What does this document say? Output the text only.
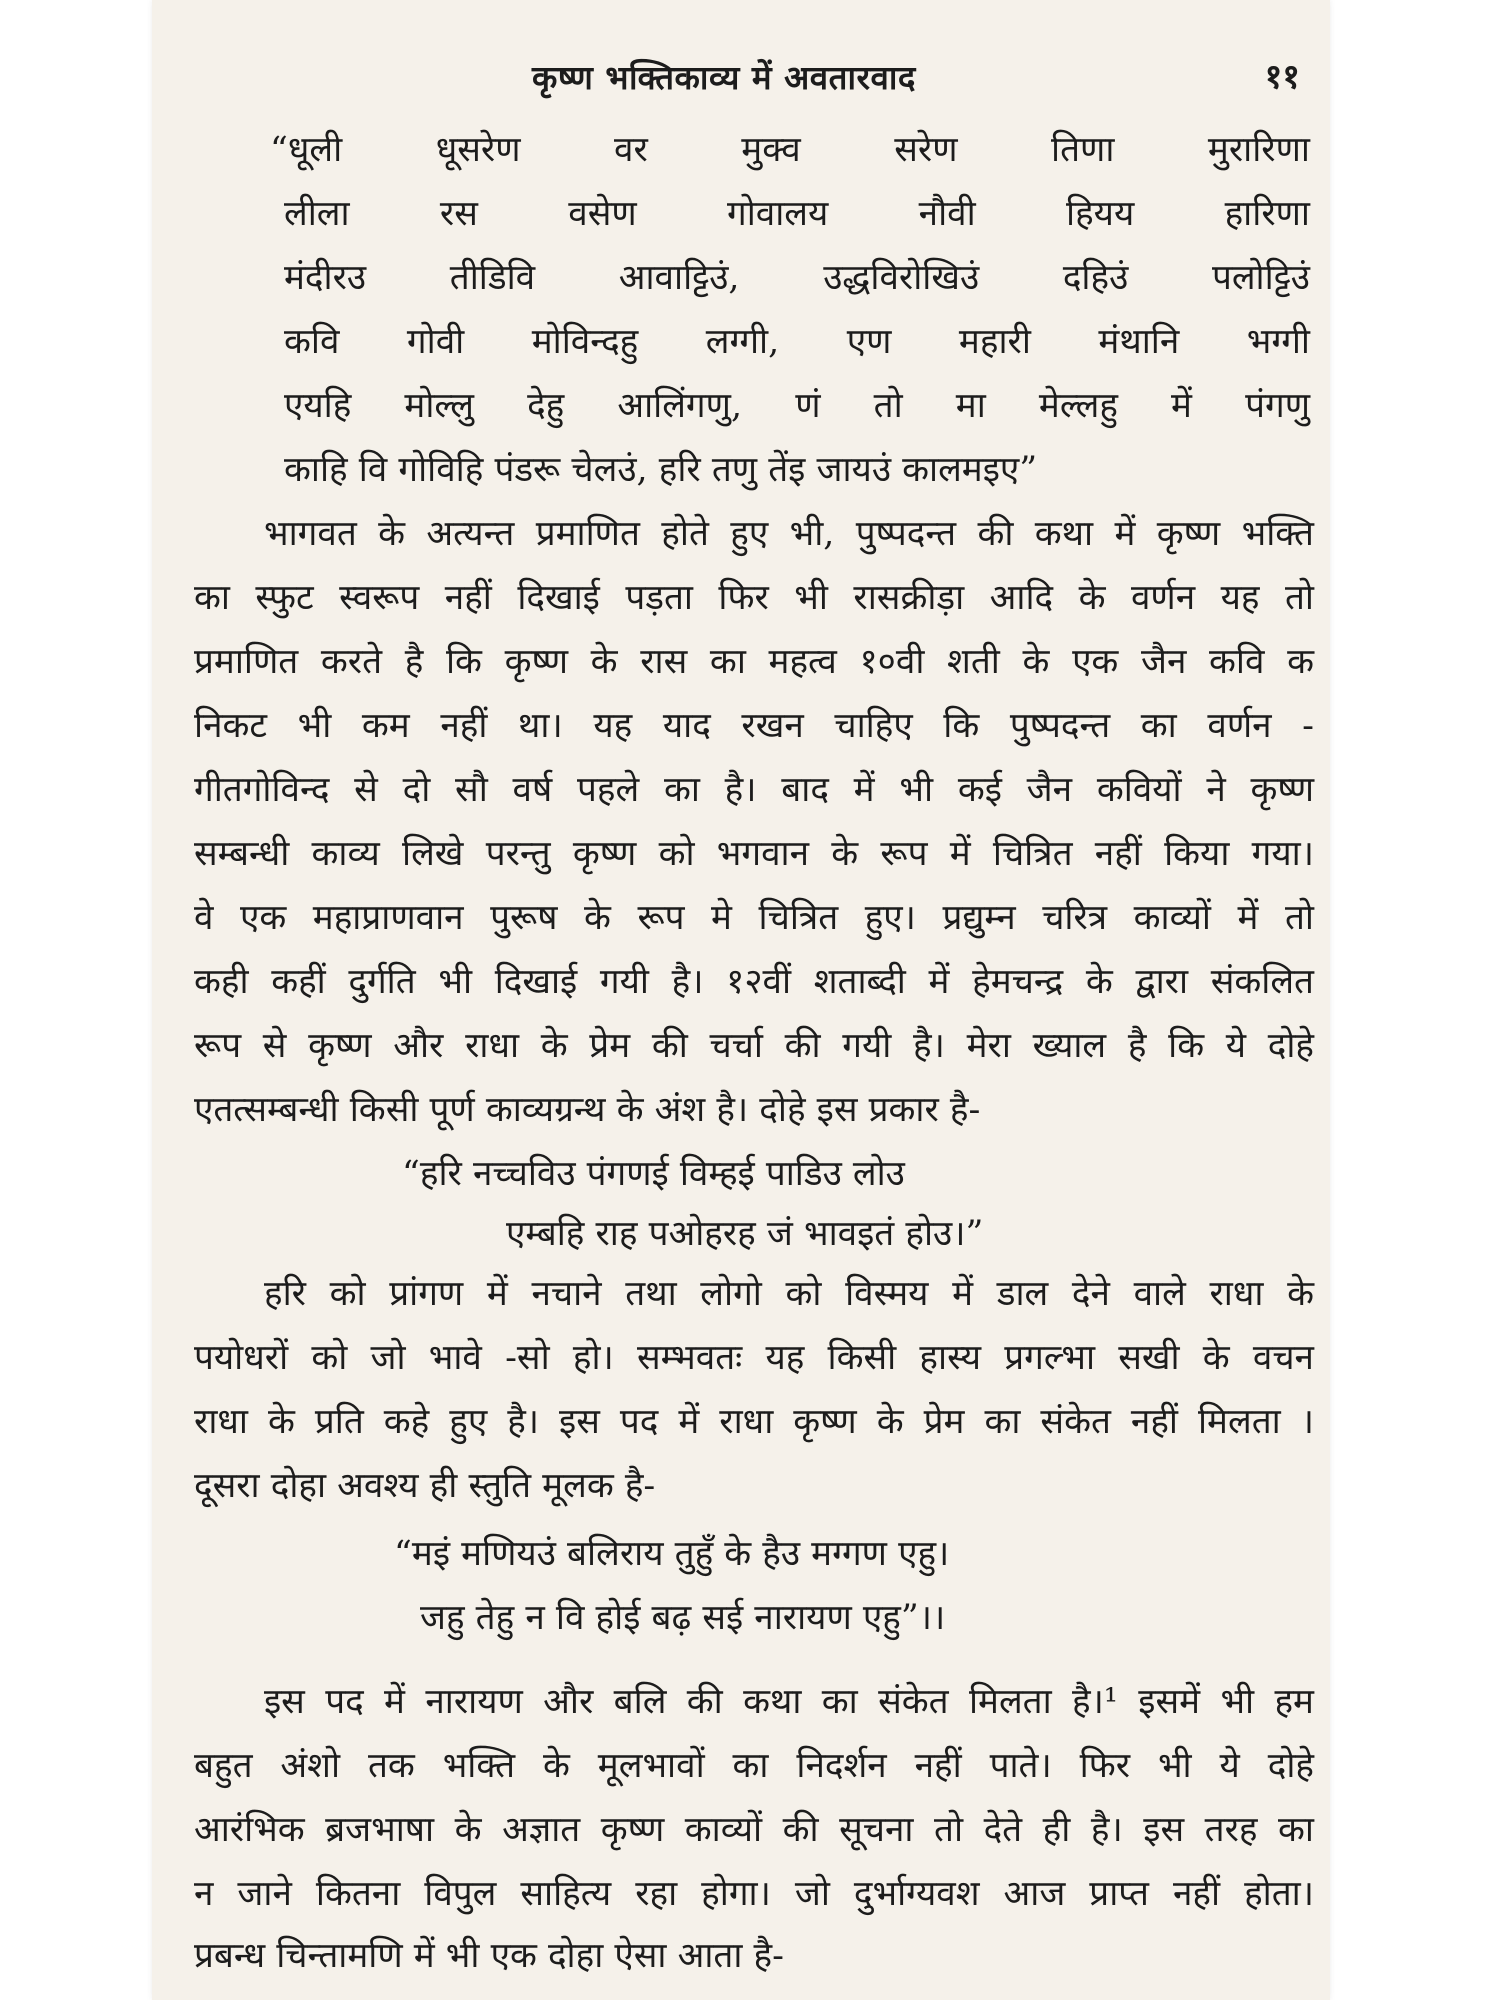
कृष्ण भक्तिकाव्य में अवतारवाद	११
“धूली धूसरेण वर मुक्व सरेण तिणा मुरारिणा
लीला रस वसेण गोवालय नौवी हियय हारिणा
मंदीरउ तीडिवि आवाट्टिउं, उद्धविरोखिउं दहिउं पलोट्टिउं
कवि गोवी मोविन्दहु लग्गी, एण महारी मंथानि भग्गी
एयहि मोल्लु देहु आलिंगणु, णं तो मा मेल्लहु में पंगणु
काहि वि गोविहि पंडरू चेलउं, हरि तणु तेंइ जायउं कालमइए”
भागवत के अत्यन्त प्रमाणित होते हुए भी, पुष्पदन्त की कथा में कृष्ण भक्ति
का स्फुट स्वरूप नहीं दिखाई पड़ता फिर भी रासक्रीड़ा आदि के वर्णन यह तो
प्रमाणित करते है कि कृष्ण के रास का महत्व १०वी शती के एक जैन कवि क
निकट भी कम नहीं था। यह याद रखन चाहिए कि पुष्पदन्त का वर्णन -
गीतगोविन्द से दो सौ वर्ष पहले का है। बाद में भी कई जैन कवियों ने कृष्ण
सम्बन्धी काव्य लिखे परन्तु कृष्ण को भगवान के रूप में चित्रित नहीं किया गया।
वे एक महाप्राणवान पुरूष के रूप मे चित्रित हुए। प्रद्युम्न चरित्र काव्यों में तो
कही कहीं दुर्गति भी दिखाई गयी है। १२वीं शताब्दी में हेमचन्द्र के द्वारा संकलित
रूप से कृष्ण और राधा के प्रेम की चर्चा की गयी है। मेरा ख्याल है कि ये दोहे
एतत्सम्बन्धी किसी पूर्ण काव्यग्रन्थ के अंश है। दोहे इस प्रकार है-
“हरि नच्चविउ पंगणई विम्हई पाडिउ लोउ
एम्बहि राह पओहरह जं भावइतं होउ।”
हरि को प्रांगण में नचाने तथा लोगो को विस्मय में डाल देने वाले राधा के
पयोधरों को जो भावे -सो हो। सम्भवतः यह किसी हास्य प्रगल्भा सखी के वचन
राधा के प्रति कहे हुए है। इस पद में राधा कृष्ण के प्रेम का संकेत नहीं मिलता ।
दूसरा दोहा अवश्य ही स्तुति मूलक है-
“मइं मणियउं बलिराय तुहुँ के हैउ मग्गण एहु।
जहु तेहु न वि होई बढ़ सई नारायण एहु”।।
इस पद में नारायण और बलि की कथा का संकेत मिलता है।¹ इसमें भी हम
बहुत अंशो तक भक्ति के मूलभावों का निदर्शन नहीं पाते। फिर भी ये दोहे
आरंभिक ब्रजभाषा के अज्ञात कृष्ण काव्यों की सूचना तो देते ही है। इस तरह का
न जाने कितना विपुल साहित्य रहा होगा। जो दुर्भाग्यवश आज प्राप्त नहीं होता।
प्रबन्ध चिन्तामणि में भी एक दोहा ऐसा आता है-
